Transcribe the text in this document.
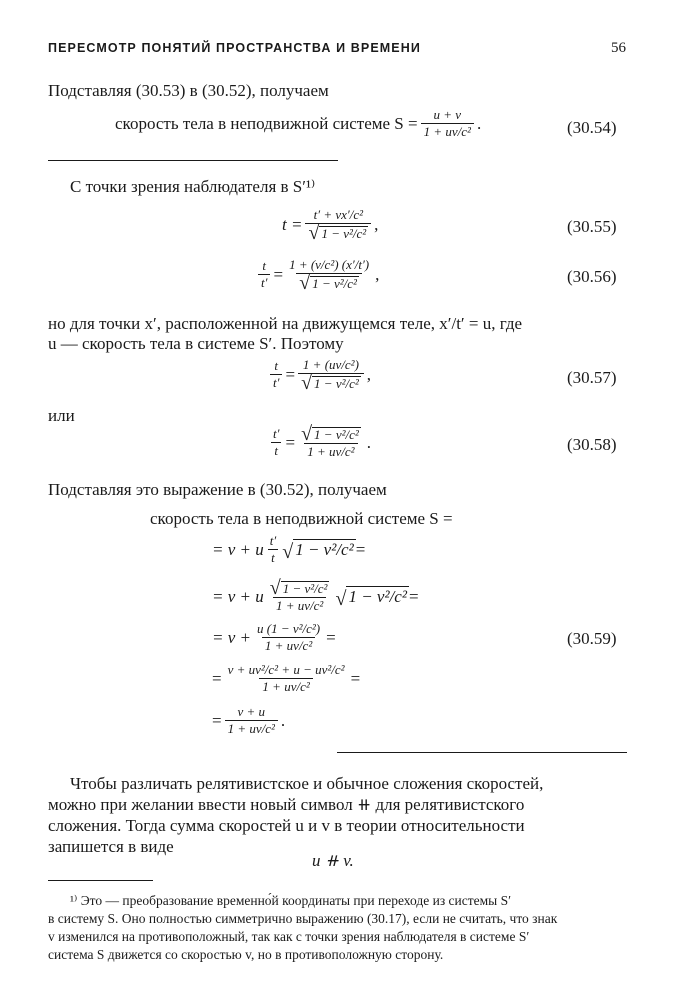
ПЕРЕСМОТР ПОНЯТИЙ ПРОСТРАНСТВА И ВРЕМЕНИ	56
Подставляя (30.53) в (30.52), получаем
скорость тела в неподвижной системе $S = \frac{u + v}{\text{1 + uv/c²}}$ .	(30.54)
С точки зрения наблюдателя в S′¹⁾
$t = \frac{\text{t′ + vx′/c²}}{\text{√ 1 − v²/c²}}$ ,	(30.55)
$\frac{t}{t'} = \frac{\text{1 + (v/c²) (x′/t′)}}{\text{√ 1 − v²/c²}}$ ,	(30.56)
но для точки x′, расположенной на движущемся теле, x′/t′ = u, где
u — скорость тела в системе S′. Поэтому
$\frac{t}{t'} = \frac{\text{1 + (uv/c²)}}{\text{√ 1 − v²/c²}}$ ,	(30.57)
или
$\frac{t'}{t} = \frac{\text{√ 1 − v²/c²}}{\text{1 + uv/c²}}$ .	(30.58)
Подставляя это выражение в (30.52), получаем
скорость тела в неподвижной системе S =
= v + u $\frac{t'}{t}$ √ 1 − v²/c² =
= v + u $\frac{\text{√ 1 − v²/c²}}{\text{1 + uv/c²}}$ √ 1 − v²/c² =
= $v + \frac{\text{u (1 − v²/c²)}}{\text{1 + uv/c²}}$ =	(30.59)
= $\frac{\text{v + uv²/c² + u − uv²/c²}}{\text{1 + uv/c²}}$ =
= $\frac{v + u}{\text{1 + uv/c²}}$ .
Чтобы различать релятивистское и обычное сложения скоростей,
можно при желании ввести новый символ ⧺ для релятивистского
сложения. Тогда сумма скоростей u и v в теории относительности
запишется в виде
u ⧺ v.
¹⁾ Это — преобразование временно́й координаты при переходе из системы S′
в систему S. Оно полностью симметрично выражению (30.17), если не считать, что знак
v изменился на противоположный, так как с точки зрения наблюдателя в системе S′
система S движется со скоростью v, но в противоположную сторону.
